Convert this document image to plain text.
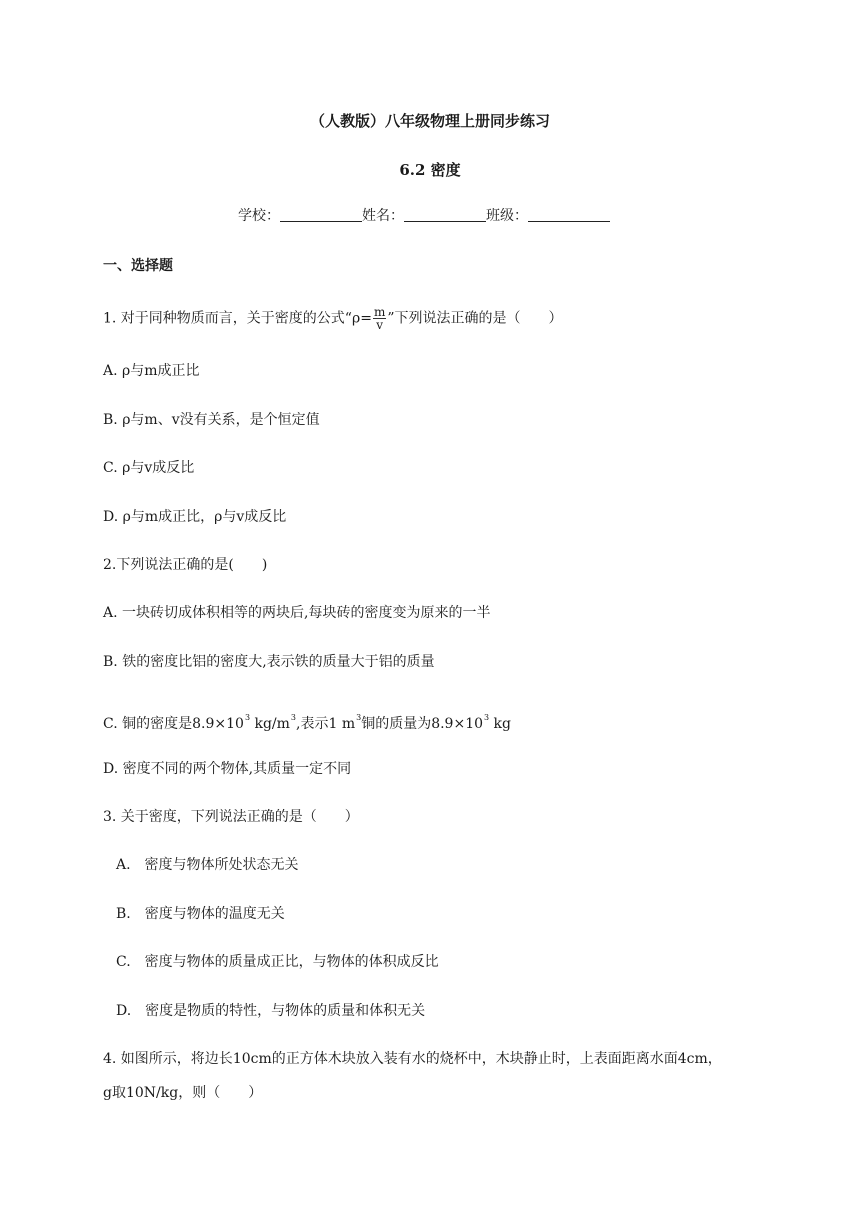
（人教版）八年级物理上册同步练习
6.2 密度
学校：	姓名：	班级：
一、选择题
1. 对于同种物质而言，关于密度的公式“$\rho= \frac{m}{v}$ ”下列说法正确的是（　　）
A. ρ与m成正比
B. ρ与m、v没有关系，是个恒定值
C. ρ与v成反比
D. ρ与m成正比，ρ与v成反比
2.下列说法正确的是(　　)
A. 一块砖切成体积相等的两块后,每块砖的密度变为原来的一半
B. 铁的密度比铝的密度大,表示铁的质量大于铝的质量
C. 铜的密度是$8.9\times 10^3$ $kg/m^3$,表示1 $m^3$铜的质量为$8.9\times 10^3$ kg
D. 密度不同的两个物体,其质量一定不同
3. 关于密度，下列说法正确的是（　　）
A.　密度与物体所处状态无关
B.　密度与物体的温度无关
C.　密度与物体的质量成正比，与物体的体积成反比
D.　密度是物质的特性，与物体的质量和体积无关
4. 如图所示，将边长10cm的正方体木块放入装有水的烧杯中，木块静止时，上表面距离水面4cm，
g取10N/kg，则（　　）
